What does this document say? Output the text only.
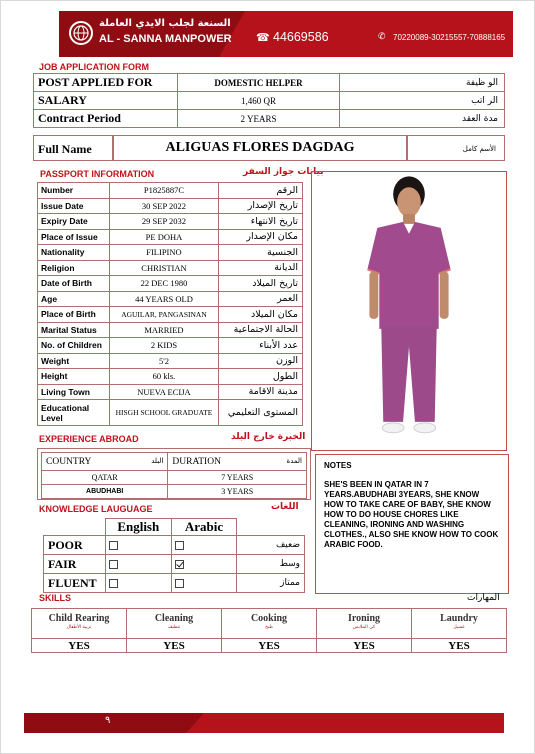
السنعة لجلب الايدي العاملة
AL - SANNA MANPOWER ☎ 44669586	✆ 70220089-30215557-70888165
JOB APPLICATION FORM
POST APPLIED FOR	DOMESTIC HELPER	الو ظيفة
SALARY	1,460 QR	الر اتب
Contract Period	2 YEARS	مدة العقد
Full Name	ALIGUAS FLORES DAGDAG	الأسم كامل
PASSPORT INFORMATION	بيانات جواز السفر
Number	P1825887C	الرقم
Issue Date	30 SEP 2022	تاريخ الإصدار
Expiry Date	29 SEP 2032	تاريخ الانتهاء
Place of Issue	PE DOHA	مكان الإصدار
Nationality	FILIPINO	الجنسية
Religion	CHRISTIAN	الديانة
Date of Birth	22 DEC 1980	تاريخ الميلاد
Age	44 YEARS OLD	العمر
Place of Birth	AGUILAR, PANGASINAN	مكان الميلاد
Marital Status	MARRIED	الحالة الاجتماعية
No. of Children	2 KIDS	عدد الأبناء
Weight	5'2	الوزن
Height	60 kls.	الطول
Living Town	NUEVA ECIJA	مدينة الاقامة
Educational Level	HISGH SCHOOL GRADUATE	المستوى التعليمي
EXPERIENCE ABROAD	الخبرة خارج البلد
COUNTRY البلد	DURATION المدة

QATAR	7 YEARS
ABUDHABI	3 YEARS
NOTES
SHE'S BEEN IN QATAR IN 7 YEARS.ABUDHABI 3YEARS, SHE KNOW HOW TO TAKE CARE OF BABY, SHE KNOW HOW TO DO HOUSE CHORES LIKE CLEANING, IRONING AND WASHING CLOTHES., ALSO SHE KNOW HOW TO COOK ARABIC FOOD.
KNOWLEDGE LAUGUAGE	اللغات
	English	Arabic	
POOR			ضعيف
FAIR			وسط
FLUENT			ممتاز
SKILLS	المهارات
Child Rearing	Cleaning	Cooking	Ironing	Laundry
تربية الأطفال	تنظيف	طبخ	كي الملابس	غسيل
YES	YES	YES	YES	YES
٩
